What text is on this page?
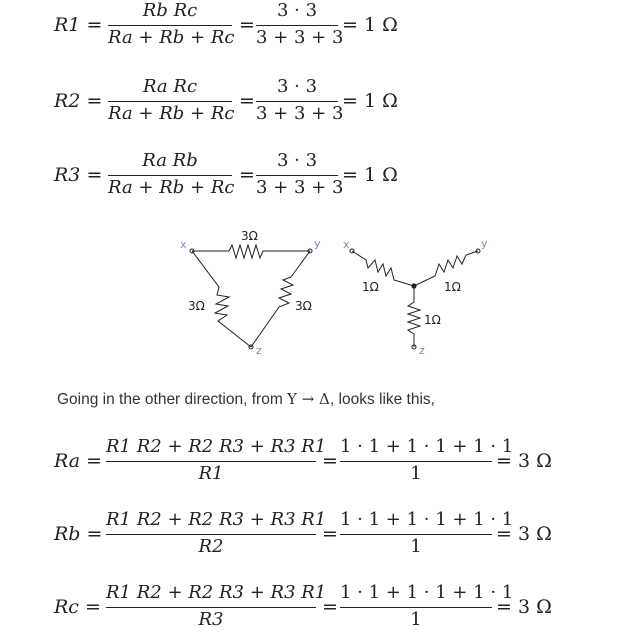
R1 =
Rb Rc
Ra + Rb + Rc
=
3 · 3
3 + 3 + 3
= 1 Ω
R2 =
Ra Rc
Ra + Rb + Rc
=
3 · 3
3 + 3 + 3
= 1 Ω
R3 =
Ra Rb
Ra + Rb + Rc
=
3 · 3
3 + 3 + 3
= 1 Ω
3Ω
3Ω	3Ω
1Ω	1Ω
1Ω
x	y
z
x	y
z
Going in the other direction, from Y → Δ, looks like this,
Ra =
R1 R2 + R2 R3 + R3 R1
R1
=
1 · 1 + 1 · 1 + 1 · 1
1
= 3 Ω
Rb =
R1 R2 + R2 R3 + R3 R1
R2
=
1 · 1 + 1 · 1 + 1 · 1
1
= 3 Ω
Rc =
R1 R2 + R2 R3 + R3 R1
R3
=
1 · 1 + 1 · 1 + 1 · 1
1
= 3 Ω
